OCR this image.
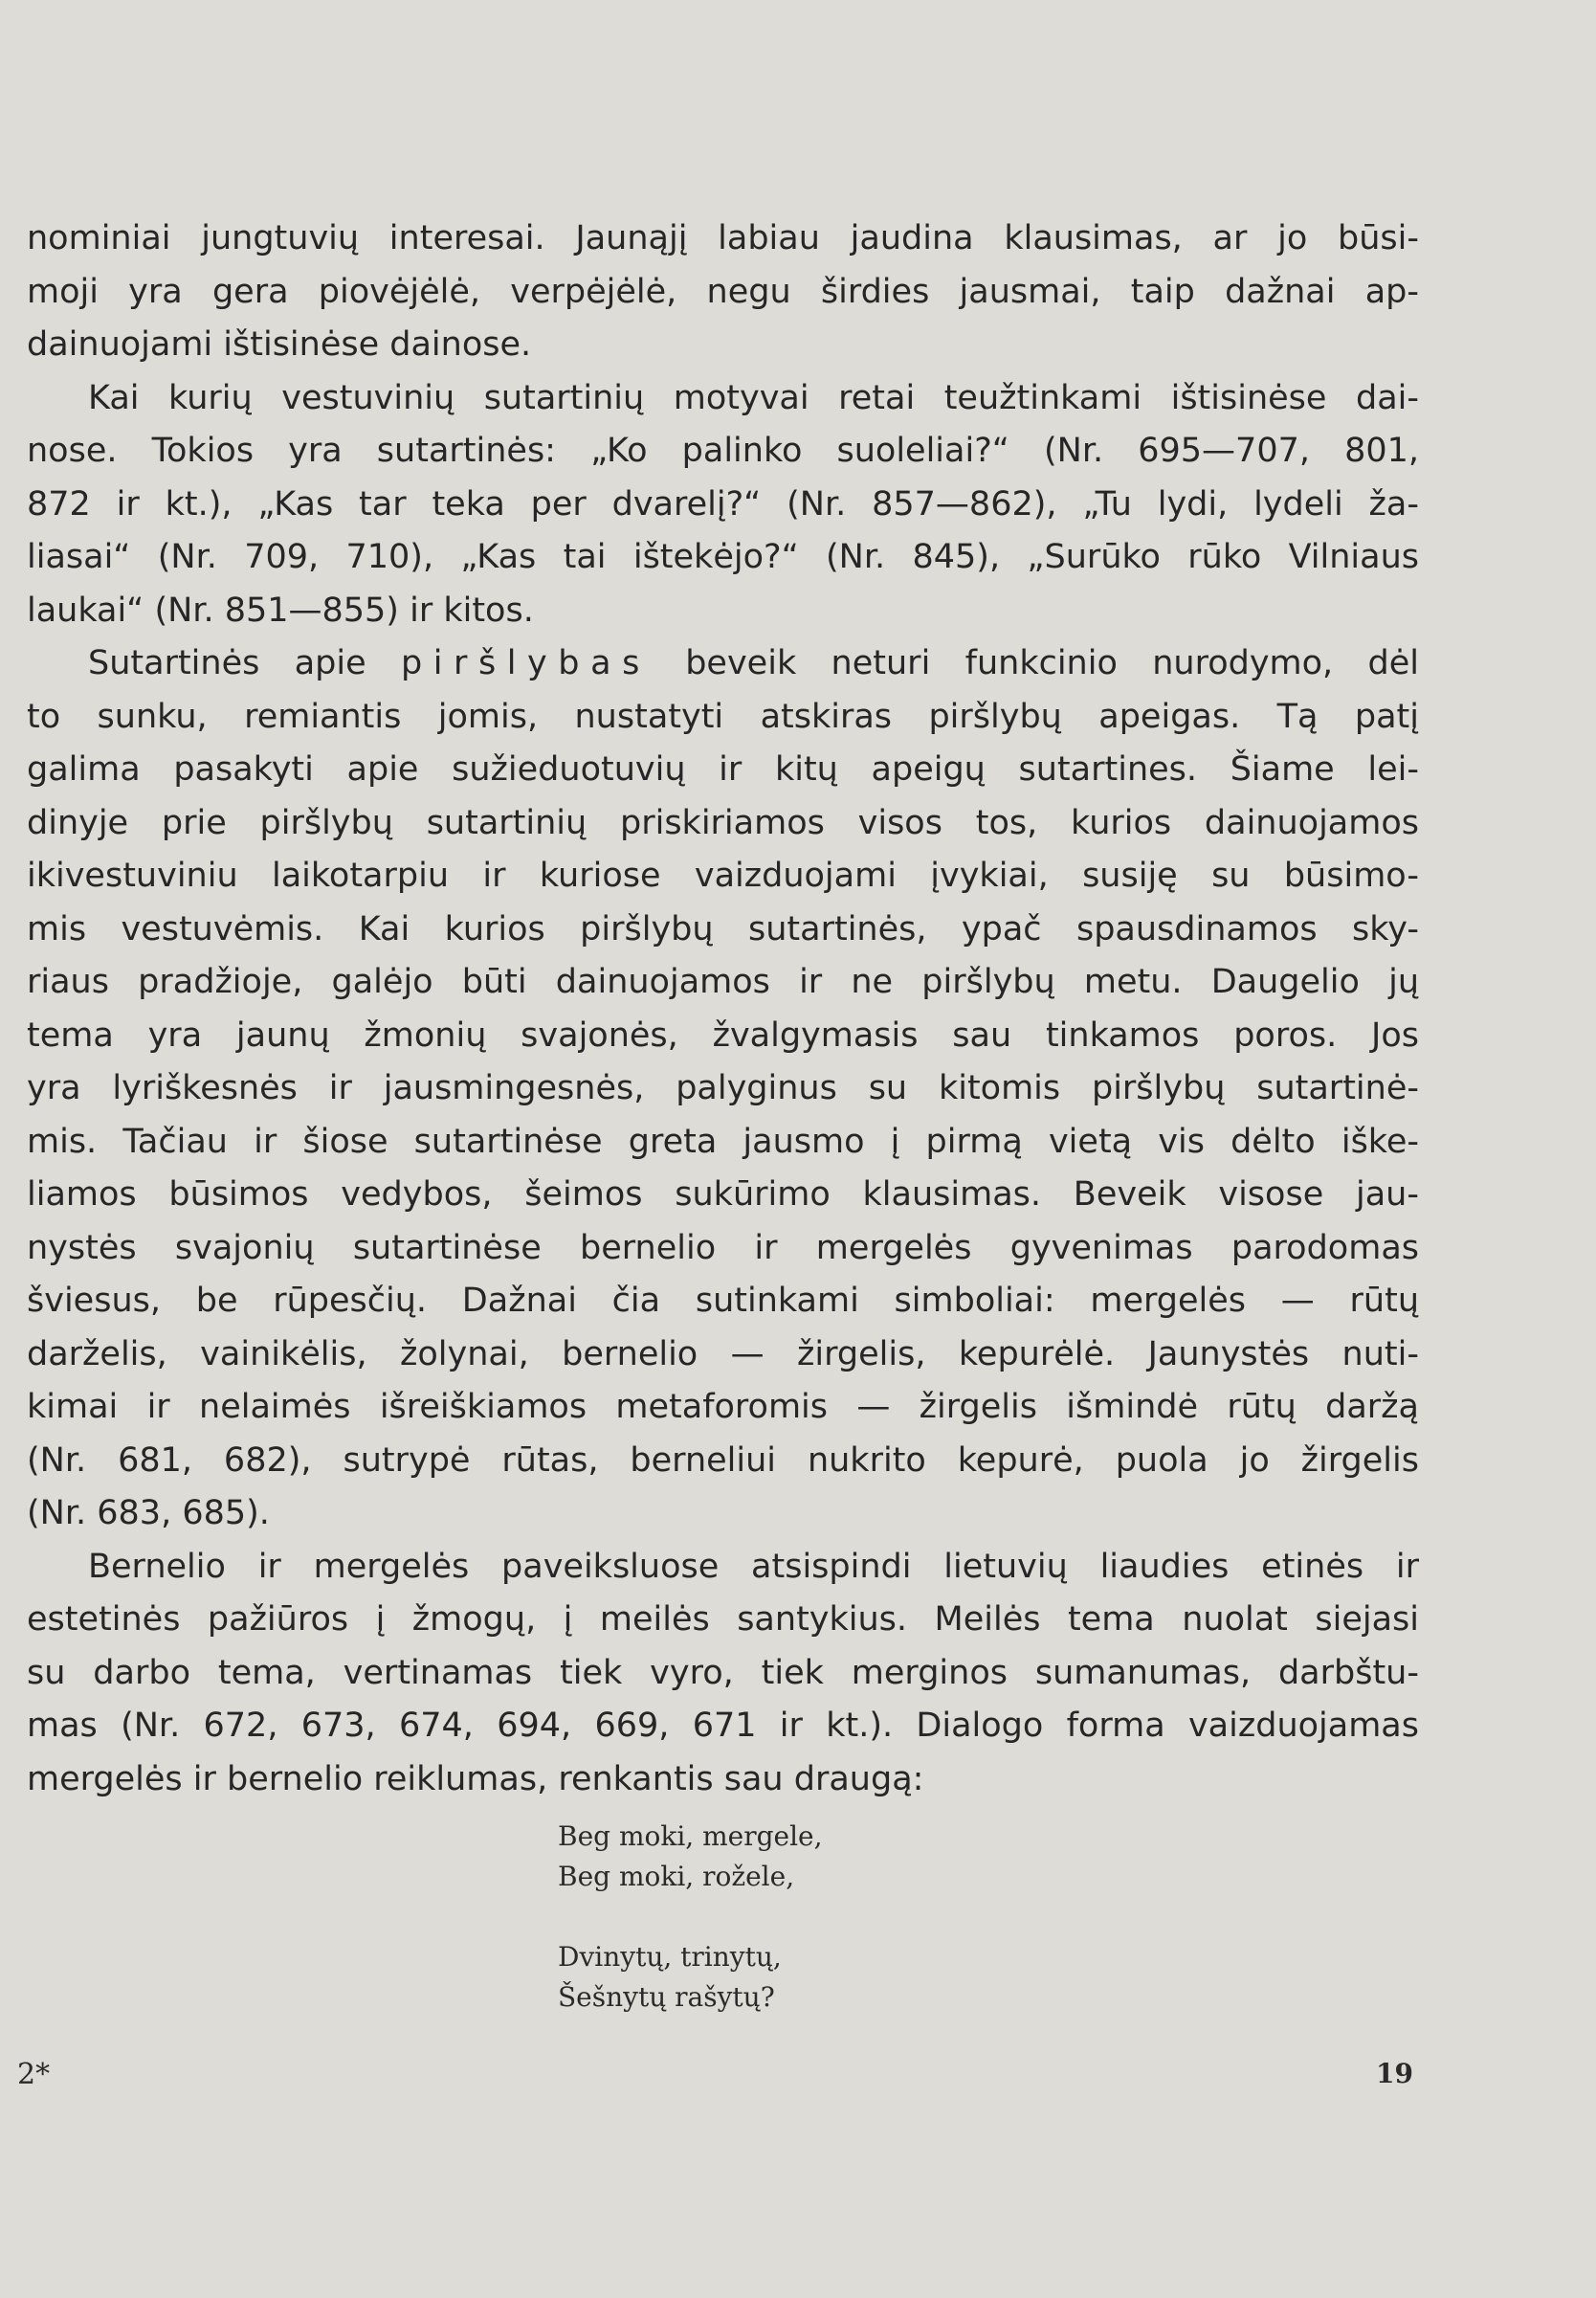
nominiai jungtuvių interesai. Jaunąjį labiau jaudina klausimas, ar jo būsi-
moji yra gera piovėjėlė, verpėjėlė, negu širdies jausmai, taip dažnai ap-
dainuojami ištisinėse dainose.
Kai kurių vestuvinių sutartinių motyvai retai teužtinkami ištisinėse dai-
nose. Tokios yra sutartinės: „Ko palinko suoleliai?“ (Nr. 695—707, 801,
872 ir kt.), „Kas tar teka per dvarelį?“ (Nr. 857—862), „Tu lydi, lydeli ža-
liasai“ (Nr. 709, 710), „Kas tai ištekėjo?“ (Nr. 845), „Surūko rūko Vilniaus
laukai“ (Nr. 851—855) ir kitos.
Sutartinės apie piršlybas beveik neturi funkcinio nurodymo, dėl
to sunku, remiantis jomis, nustatyti atskiras piršlybų apeigas. Tą patį
galima pasakyti apie sužieduotuvių ir kitų apeigų sutartines. Šiame lei-
dinyje prie piršlybų sutartinių priskiriamos visos tos, kurios dainuojamos
ikivestuviniu laikotarpiu ir kuriose vaizduojami įvykiai, susiję su būsimo-
mis vestuvėmis. Kai kurios piršlybų sutartinės, ypač spausdinamos sky-
riaus pradžioje, galėjo būti dainuojamos ir ne piršlybų metu. Daugelio jų
tema yra jaunų žmonių svajonės, žvalgymasis sau tinkamos poros. Jos
yra lyriškesnės ir jausmingesnės, palyginus su kitomis piršlybų sutartinė-
mis. Tačiau ir šiose sutartinėse greta jausmo į pirmą vietą vis dėlto iške-
liamos būsimos vedybos, šeimos sukūrimo klausimas. Beveik visose jau-
nystės svajonių sutartinėse bernelio ir mergelės gyvenimas parodomas
šviesus, be rūpesčių. Dažnai čia sutinkami simboliai: mergelės — rūtų
darželis, vainikėlis, žolynai, bernelio — žirgelis, kepurėlė. Jaunystės nuti-
kimai ir nelaimės išreiškiamos metaforomis — žirgelis išmindė rūtų daržą
(Nr. 681, 682), sutrypė rūtas, berneliui nukrito kepurė, puola jo žirgelis
(Nr. 683, 685).
Bernelio ir mergelės paveiksluose atsispindi lietuvių liaudies etinės ir
estetinės pažiūros į žmogų, į meilės santykius. Meilės tema nuolat siejasi
su darbo tema, vertinamas tiek vyro, tiek merginos sumanumas, darbštu-
mas (Nr. 672, 673, 674, 694, 669, 671 ir kt.). Dialogo forma vaizduojamas
mergelės ir bernelio reiklumas, renkantis sau draugą:
Beg moki, mergele,
Beg moki, rožele,
Dvinytų, trinytų,
Šešnytų rašytų?
2*	19
